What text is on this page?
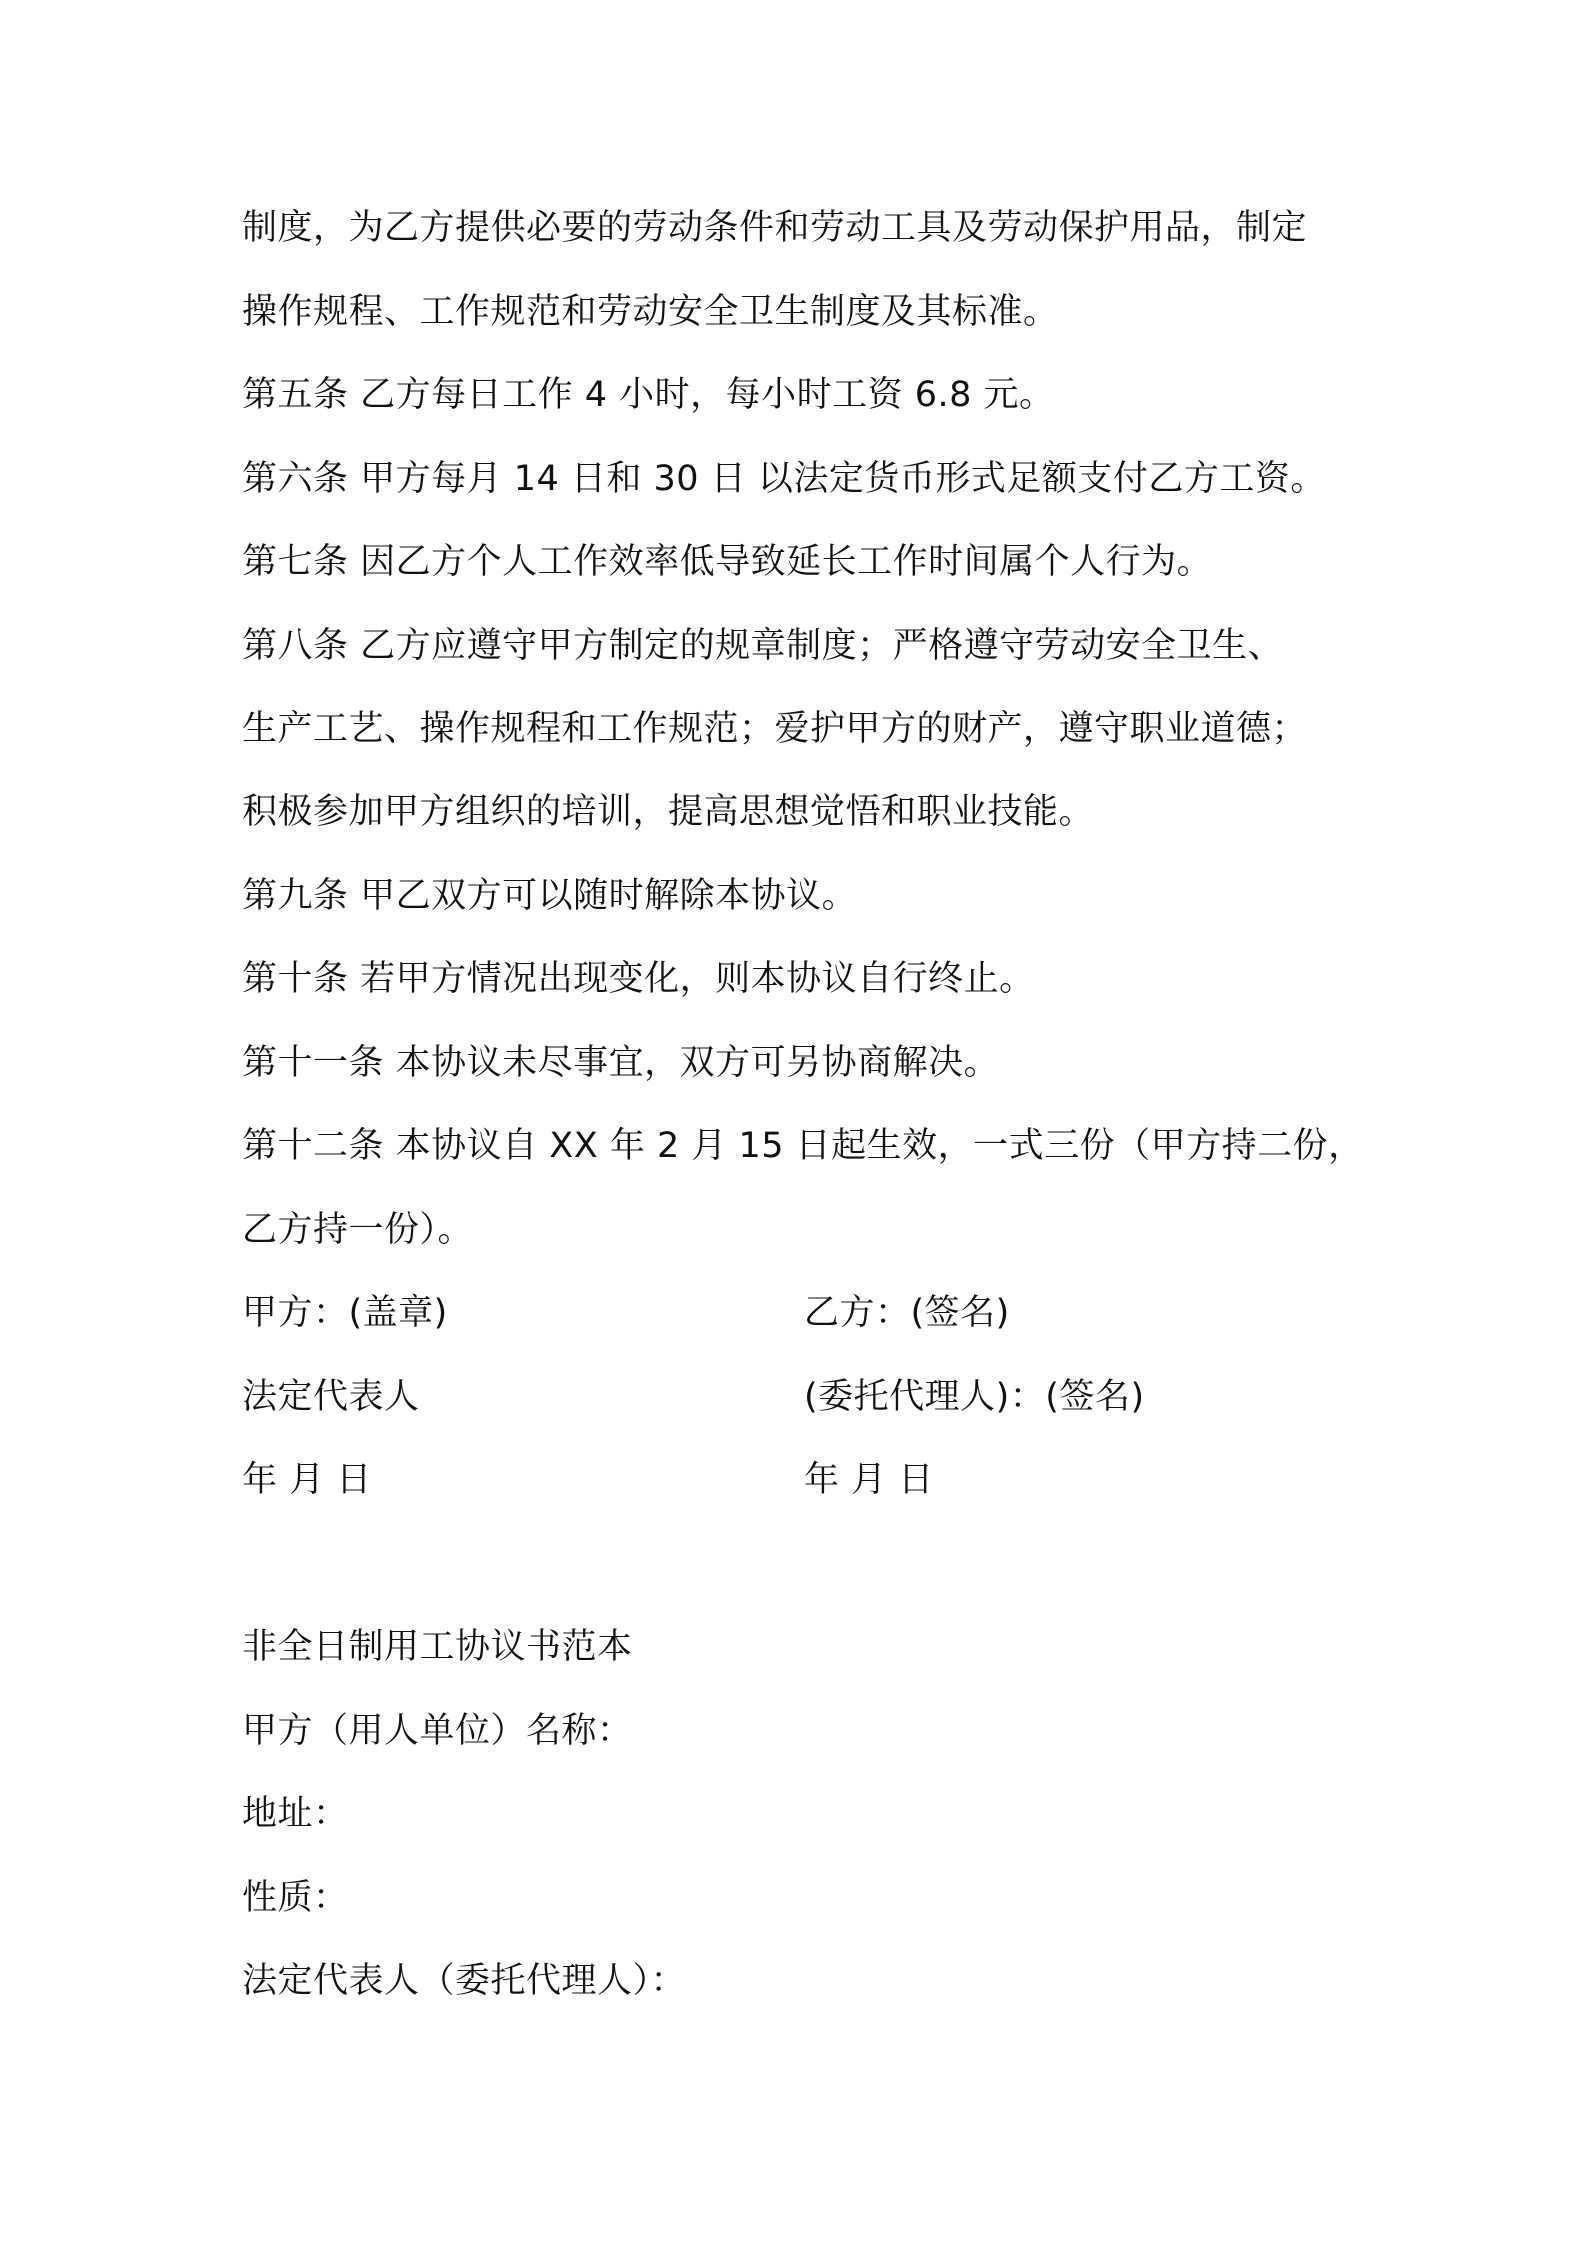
制度，为乙方提供必要的劳动条件和劳动工具及劳动保护用品，制定
操作规程、工作规范和劳动安全卫生制度及其标准。
第五条 乙方每日工作 4 小时，每小时工资 6.8 元。
第六条 甲方每月 14 日和 30 日 以法定货币形式足额支付乙方工资。
第七条 因乙方个人工作效率低导致延长工作时间属个人行为。
第八条 乙方应遵守甲方制定的规章制度；严格遵守劳动安全卫生、
生产工艺、操作规程和工作规范；爱护甲方的财产，遵守职业道德；
积极参加甲方组织的培训，提高思想觉悟和职业技能。
第九条 甲乙双方可以随时解除本协议。
第十条 若甲方情况出现变化，则本协议自行终止。
第十一条 本协议未尽事宜，双方可另协商解决。
第十二条 本协议自 XX 年 2 月 15 日起生效，一式三份（甲方持二份，
乙方持一份）。
甲方：(盖章)	乙方：(签名)
法定代表人	(委托代理人)：(签名)
年 月 日	年 月 日
非全日制用工协议书范本
甲方（用人单位）名称：
地址：
性质：
法定代表人（委托代理人）：
